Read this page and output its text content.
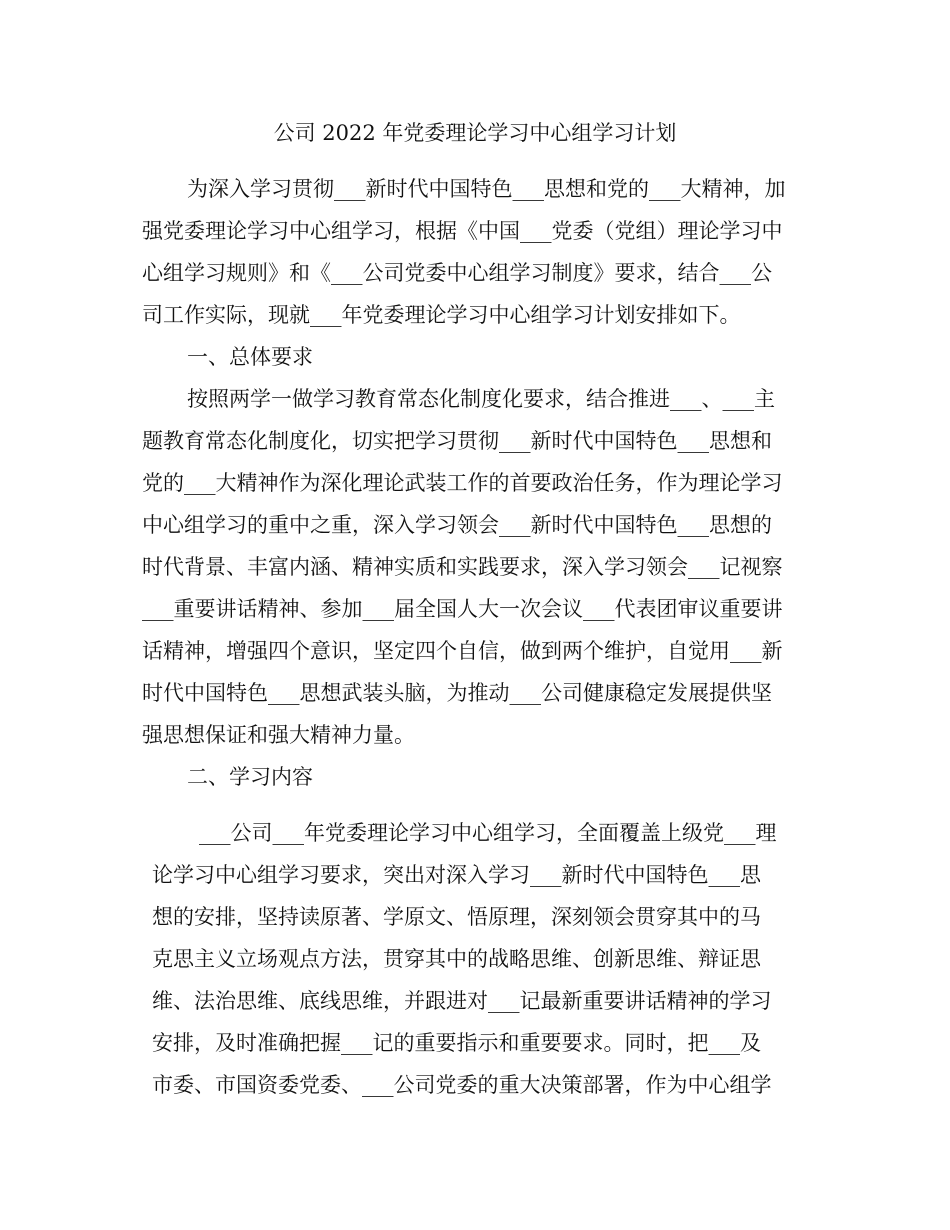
公司 2022 年党委理论学习中心组学习计划

为深入学习贯彻___新时代中国特色___思想和党的___大精神，加

强党委理论学习中心组学习，根据《中国___党委（党组）理论学习中

心组学习规则》和《___公司党委中心组学习制度》要求，结合___公

司工作实际，现就___年党委理论学习中心组学习计划安排如下。

一、总体要求

按照两学一做学习教育常态化制度化要求，结合推进___、___主

题教育常态化制度化，切实把学习贯彻___新时代中国特色___思想和

党的___大精神作为深化理论武装工作的首要政治任务，作为理论学习

中心组学习的重中之重，深入学习领会___新时代中国特色___思想的

时代背景、丰富内涵、精神实质和实践要求，深入学习领会___记视察

___重要讲话精神、参加___届全国人大一次会议___代表团审议重要讲

话精神，增强四个意识，坚定四个自信，做到两个维护，自觉用___新

时代中国特色___思想武装头脑，为推动___公司健康稳定发展提供坚

强思想保证和强大精神力量。

二、学习内容

___公司___年党委理论学习中心组学习，全面覆盖上级党___理

论学习中心组学习要求，突出对深入学习___新时代中国特色___思

想的安排，坚持读原著、学原文、悟原理，深刻领会贯穿其中的马

克思主义立场观点方法，贯穿其中的战略思维、创新思维、辩证思

维、法治思维、底线思维，并跟进对___记最新重要讲话精神的学习

安排，及时准确把握___记的重要指示和重要要求。同时，把___及

市委、市国资委党委、___公司党委的重大决策部署，作为中心组学
